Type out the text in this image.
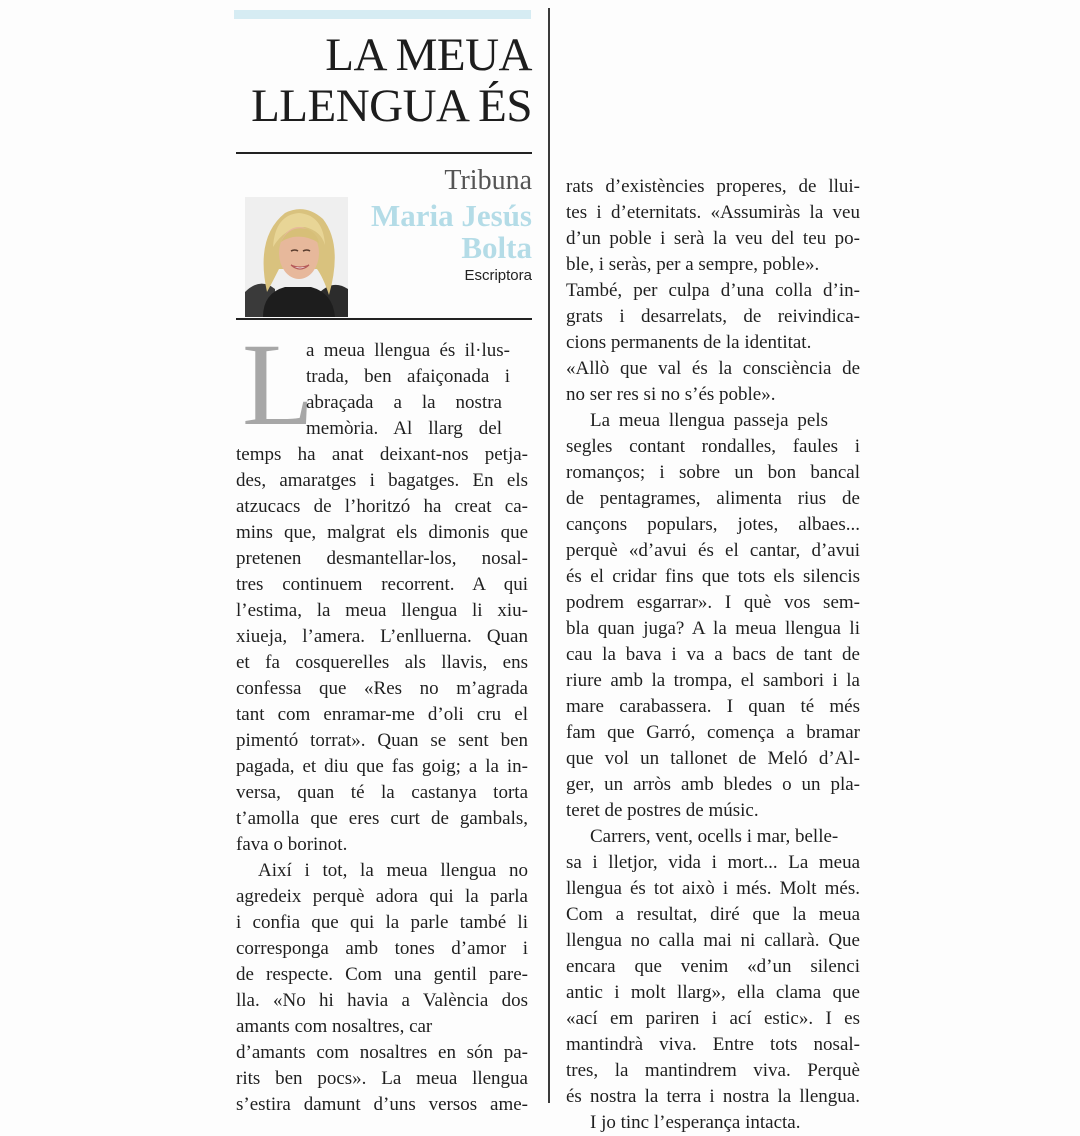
LA MEUA
LLENGUA ÉS
Tribuna
Maria Jesús
Bolta
Escriptora
L
a meua llengua és il·lus-
trada, ben afaiçonada i
abraçada a la nostra
memòria. Al llarg del
temps ha anat deixant-nos petja-
des, amaratges i bagatges. En els
atzucacs de l’horitzó ha creat ca-
mins que, malgrat els dimonis que
pretenen desmantellar-los, nosal-
tres continuem recorrent. A qui
l’estima, la meua llengua li xiu-
xiueja, l’amera. L’enlluerna. Quan
et fa cosquerelles als llavis, ens
confessa que «Res no m’agrada
tant com enramar-me d’oli cru el
pimentó torrat». Quan se sent ben
pagada, et diu que fas goig; a la in-
versa, quan té la castanya torta
t’amolla que eres curt de gambals,
fava o borinot.
Així i tot, la meua llengua no
agredeix perquè adora qui la parla
i confia que qui la parle també li
corresponga amb tones d’amor i
de respecte. Com una gentil pare-
lla. «No hi havia a València dos
amants com nosaltres, car
d’amants com nosaltres en són pa-
rits ben pocs». La meua llengua
s’estira damunt d’uns versos ame-
rats d’existències properes, de llui-
tes i d’eternitats. «Assumiràs la veu
d’un poble i serà la veu del teu po-
ble, i seràs, per a sempre, poble».
També, per culpa d’una colla d’in-
grats i desarrelats, de reivindica-
cions permanents de la identitat.
«Allò que val és la consciència de
no ser res si no s’és poble».
La meua llengua passeja pels
segles contant rondalles, faules i
romanços; i sobre un bon bancal
de pentagrames, alimenta rius de
cançons populars, jotes, albaes...
perquè «d’avui és el cantar, d’avui
és el cridar fins que tots els silencis
podrem esgarrar». I què vos sem-
bla quan juga? A la meua llengua li
cau la bava i va a bacs de tant de
riure amb la trompa, el sambori i la
mare carabassera. I quan té més
fam que Garró, comença a bramar
que vol un tallonet de Meló d’Al-
ger, un arròs amb bledes o un pla-
teret de postres de músic.
Carrers, vent, ocells i mar, belle-
sa i lletjor, vida i mort... La meua
llengua és tot això i més. Molt més.
Com a resultat, diré que la meua
llengua no calla mai ni callarà. Que
encara que venim «d’un silenci
antic i molt llarg», ella clama que
«ací em pariren i ací estic». I es
mantindrà viva. Entre tots nosal-
tres, la mantindrem viva. Perquè
és nostra la terra i nostra la llengua.
I jo tinc l’esperança intacta.
